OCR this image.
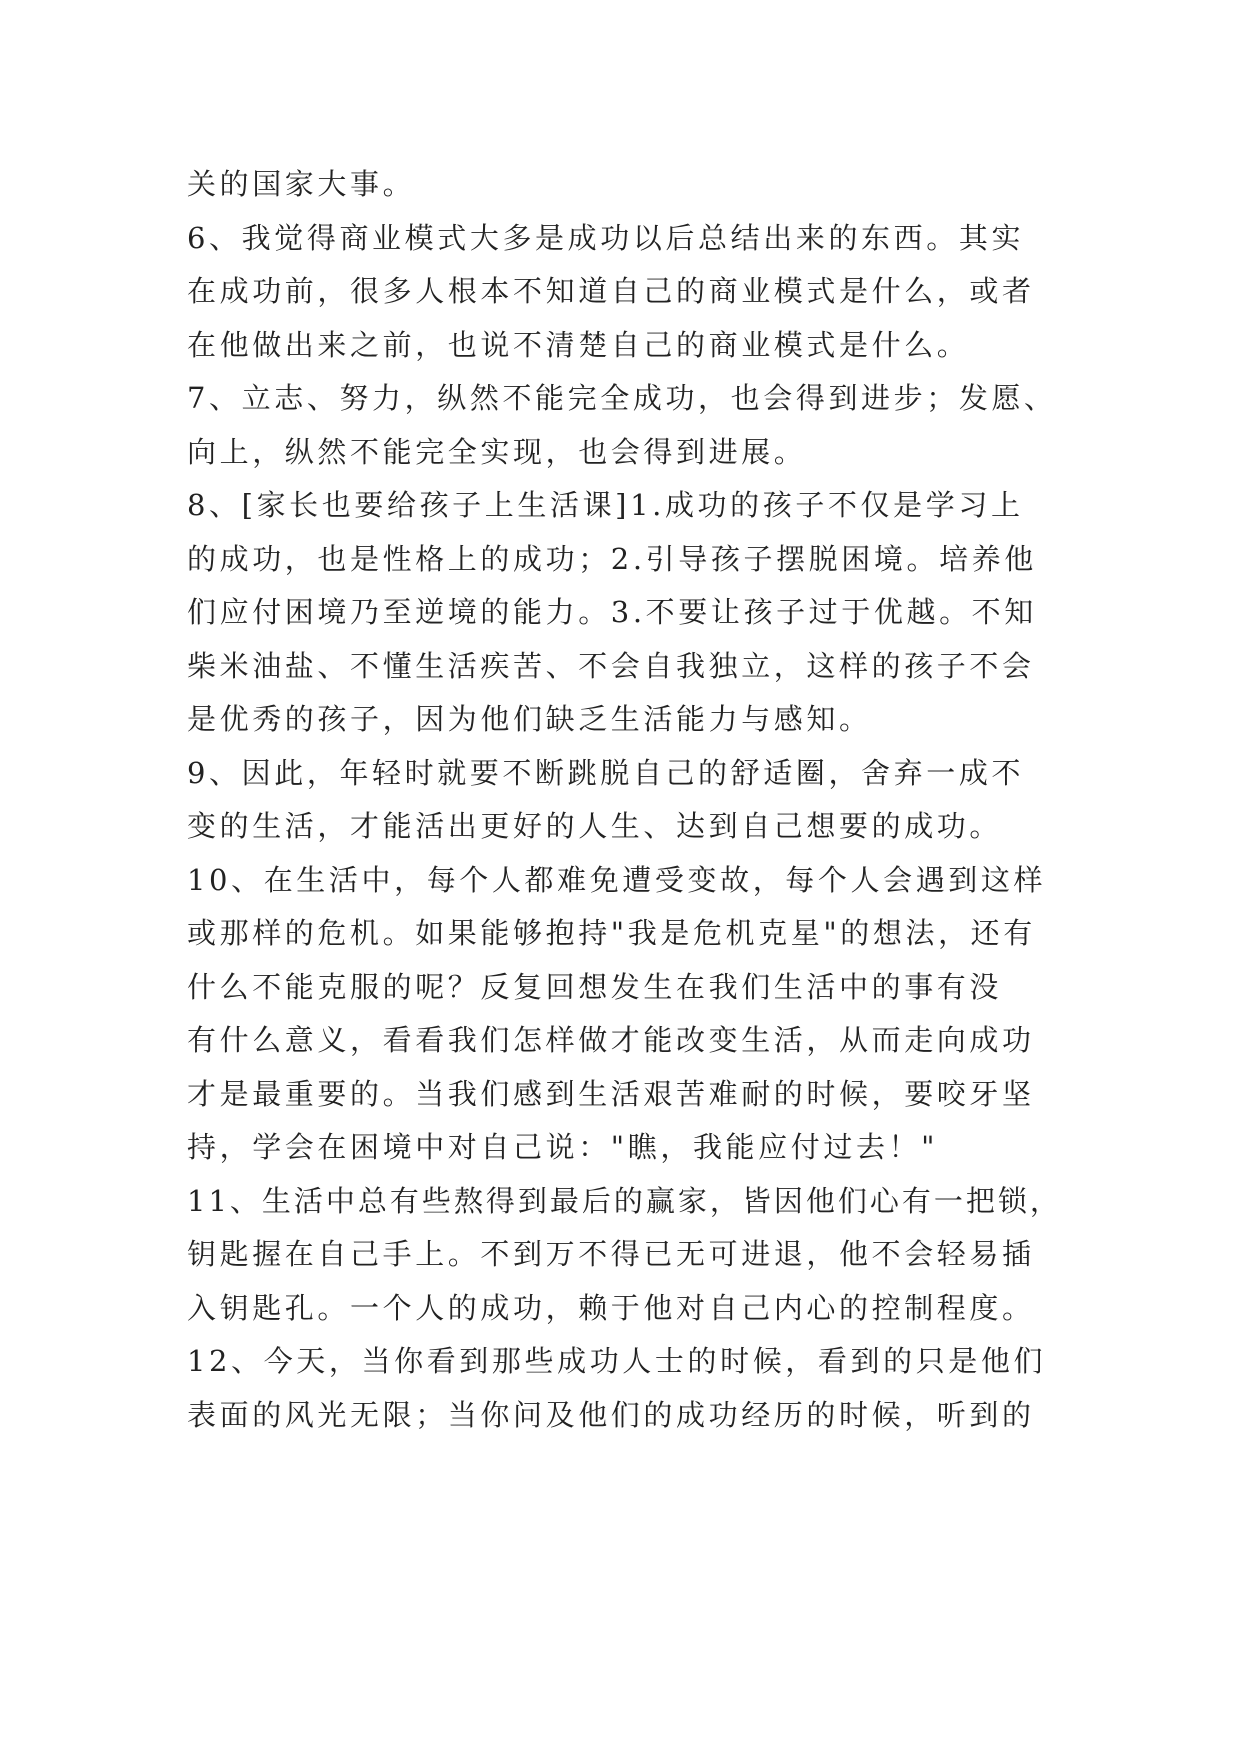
关的国家大事。
6、我觉得商业模式大多是成功以后总结出来的东西。其实
在成功前，很多人根本不知道自己的商业模式是什么，或者
在他做出来之前，也说不清楚自己的商业模式是什么。
7、立志、努力，纵然不能完全成功，也会得到进步；发愿、
向上，纵然不能完全实现，也会得到进展。
8、[家长也要给孩子上生活课]1.成功的孩子不仅是学习上
的成功，也是性格上的成功；2.引导孩子摆脱困境。培养他
们应付困境乃至逆境的能力。3.不要让孩子过于优越。不知
柴米油盐、不懂生活疾苦、不会自我独立，这样的孩子不会
是优秀的孩子，因为他们缺乏生活能力与感知。
9、因此，年轻时就要不断跳脱自己的舒适圈，舍弃一成不
变的生活，才能活出更好的人生、达到自己想要的成功。
10、在生活中，每个人都难免遭受变故，每个人会遇到这样
或那样的危机。如果能够抱持"我是危机克星"的想法，还有
什么不能克服的呢？反复回想发生在我们生活中的事有没
有什么意义，看看我们怎样做才能改变生活，从而走向成功
才是最重要的。当我们感到生活艰苦难耐的时候，要咬牙坚
持，学会在困境中对自己说："瞧，我能应付过去！"
11、生活中总有些熬得到最后的赢家，皆因他们心有一把锁，
钥匙握在自己手上。不到万不得已无可进退，他不会轻易插
入钥匙孔。一个人的成功，赖于他对自己内心的控制程度。
12、今天，当你看到那些成功人士的时候，看到的只是他们
表面的风光无限；当你问及他们的成功经历的时候，听到的
